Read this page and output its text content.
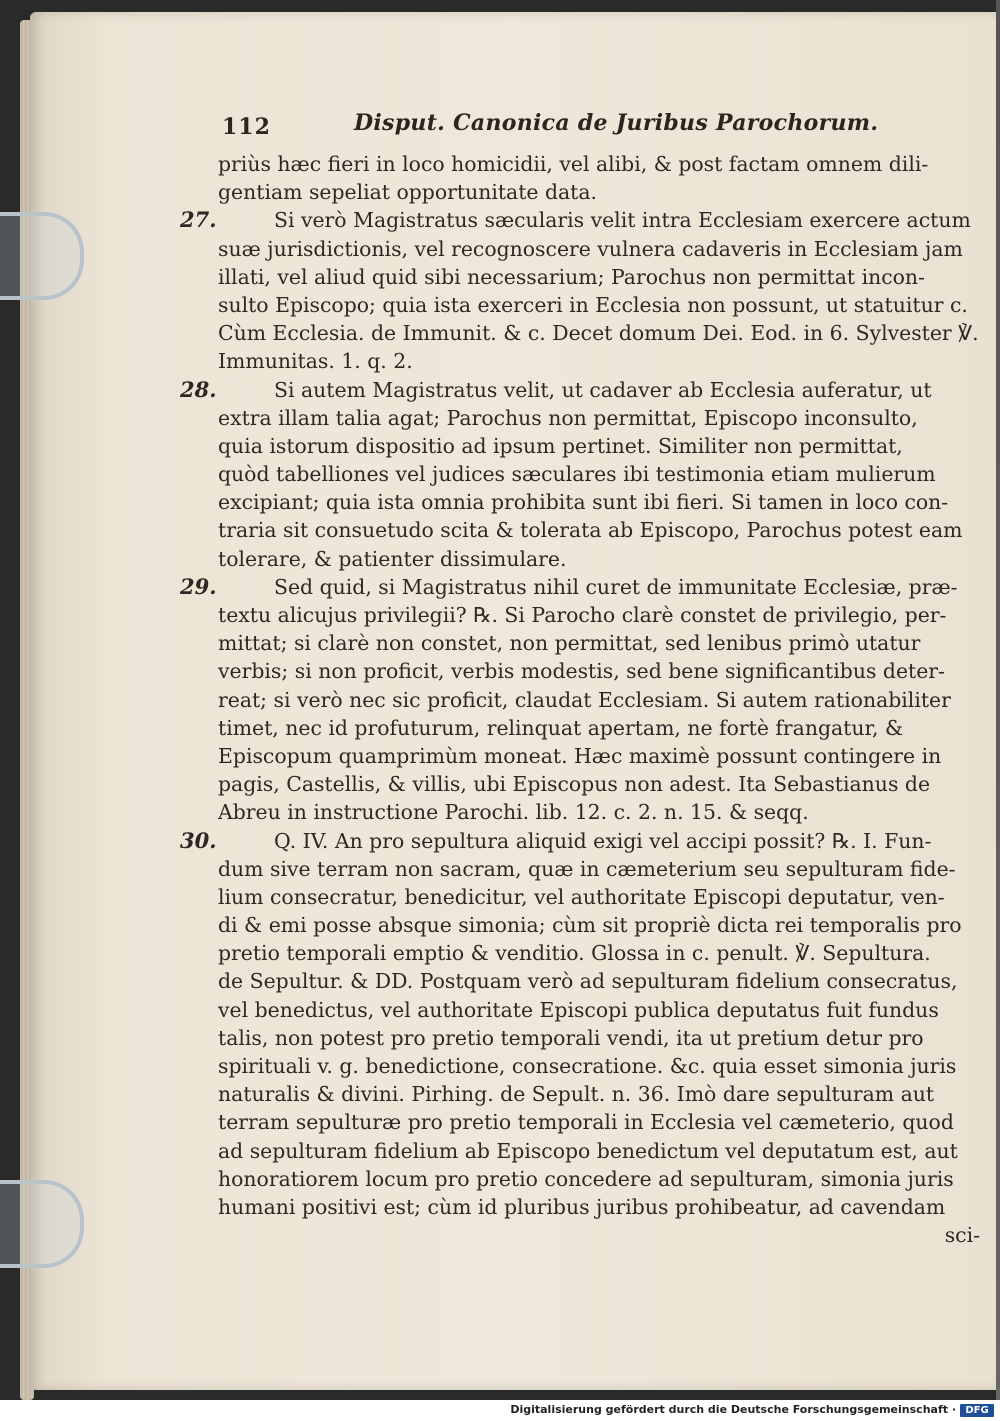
112	Disput. Canonica de Juribus Parochorum.
priùs hæc fieri in loco homicidii, vel alibi, & post factam omnem dili-
gentiam sepeliat opportunitate data.
27.	Si verò Magistratus sæcularis velit intra Ecclesiam exercere actum
suæ jurisdictionis, vel recognoscere vulnera cadaveris in Ecclesiam jam
illati, vel aliud quid sibi necessarium; Parochus non permittat incon-
sulto Episcopo; quia ista exerceri in Ecclesia non possunt, ut statuitur c.
Cùm Ecclesia. de Immunit. & c. Decet domum Dei. Eod. in 6. Sylvester ℣.
Immunitas. 1. q. 2.
28.	Si autem Magistratus velit, ut cadaver ab Ecclesia auferatur, ut
extra illam talia agat; Parochus non permittat, Episcopo inconsulto,
quia istorum dispositio ad ipsum pertinet. Similiter non permittat,
quòd tabelliones vel judices sæculares ibi testimonia etiam mulierum
excipiant; quia ista omnia prohibita sunt ibi fieri. Si tamen in loco con-
traria sit consuetudo scita & tolerata ab Episcopo, Parochus potest eam
tolerare, & patienter dissimulare.
29.	Sed quid, si Magistratus nihil curet de immunitate Ecclesiæ, præ-
textu alicujus privilegii? ℞. Si Parocho clarè constet de privilegio, per-
mittat; si clarè non constet, non permittat, sed lenibus primò utatur
verbis; si non proficit, verbis modestis, sed bene significantibus deter-
reat; si verò nec sic proficit, claudat Ecclesiam. Si autem rationabiliter
timet, nec id profuturum, relinquat apertam, ne fortè frangatur, &
Episcopum quamprimùm moneat. Hæc maximè possunt contingere in
pagis, Castellis, & villis, ubi Episcopus non adest. Ita Sebastianus de
Abreu in instructione Parochi. lib. 12. c. 2. n. 15. & seqq.
30.	Q. IV. An pro sepultura aliquid exigi vel accipi possit? ℞. I. Fun-
dum sive terram non sacram, quæ in cæmeterium seu sepulturam fide-
lium consecratur, benedicitur, vel authoritate Episcopi deputatur, ven-
di & emi posse absque simonia; cùm sit propriè dicta rei temporalis pro
pretio temporali emptio & venditio. Glossa in c. penult. ℣. Sepultura.
de Sepultur. & DD. Postquam verò ad sepulturam fidelium consecratus,
vel benedictus, vel authoritate Episcopi publica deputatus fuit fundus
talis, non potest pro pretio temporali vendi, ita ut pretium detur pro
spirituali v. g. benedictione, consecratione. &c. quia esset simonia juris
naturalis & divini. Pirhing. de Sepult. n. 36. Imò dare sepulturam aut
terram sepulturæ pro pretio temporali in Ecclesia vel cæmeterio, quod
ad sepulturam fidelium ab Episcopo benedictum vel deputatum est, aut
honoratiorem locum pro pretio concedere ad sepulturam, simonia juris
humani positivi est; cùm id pluribus juribus prohibeatur, ad cavendam
sci-
Digitalisierung gefördert durch die Deutsche Forschungsgemeinschaft · DFG
